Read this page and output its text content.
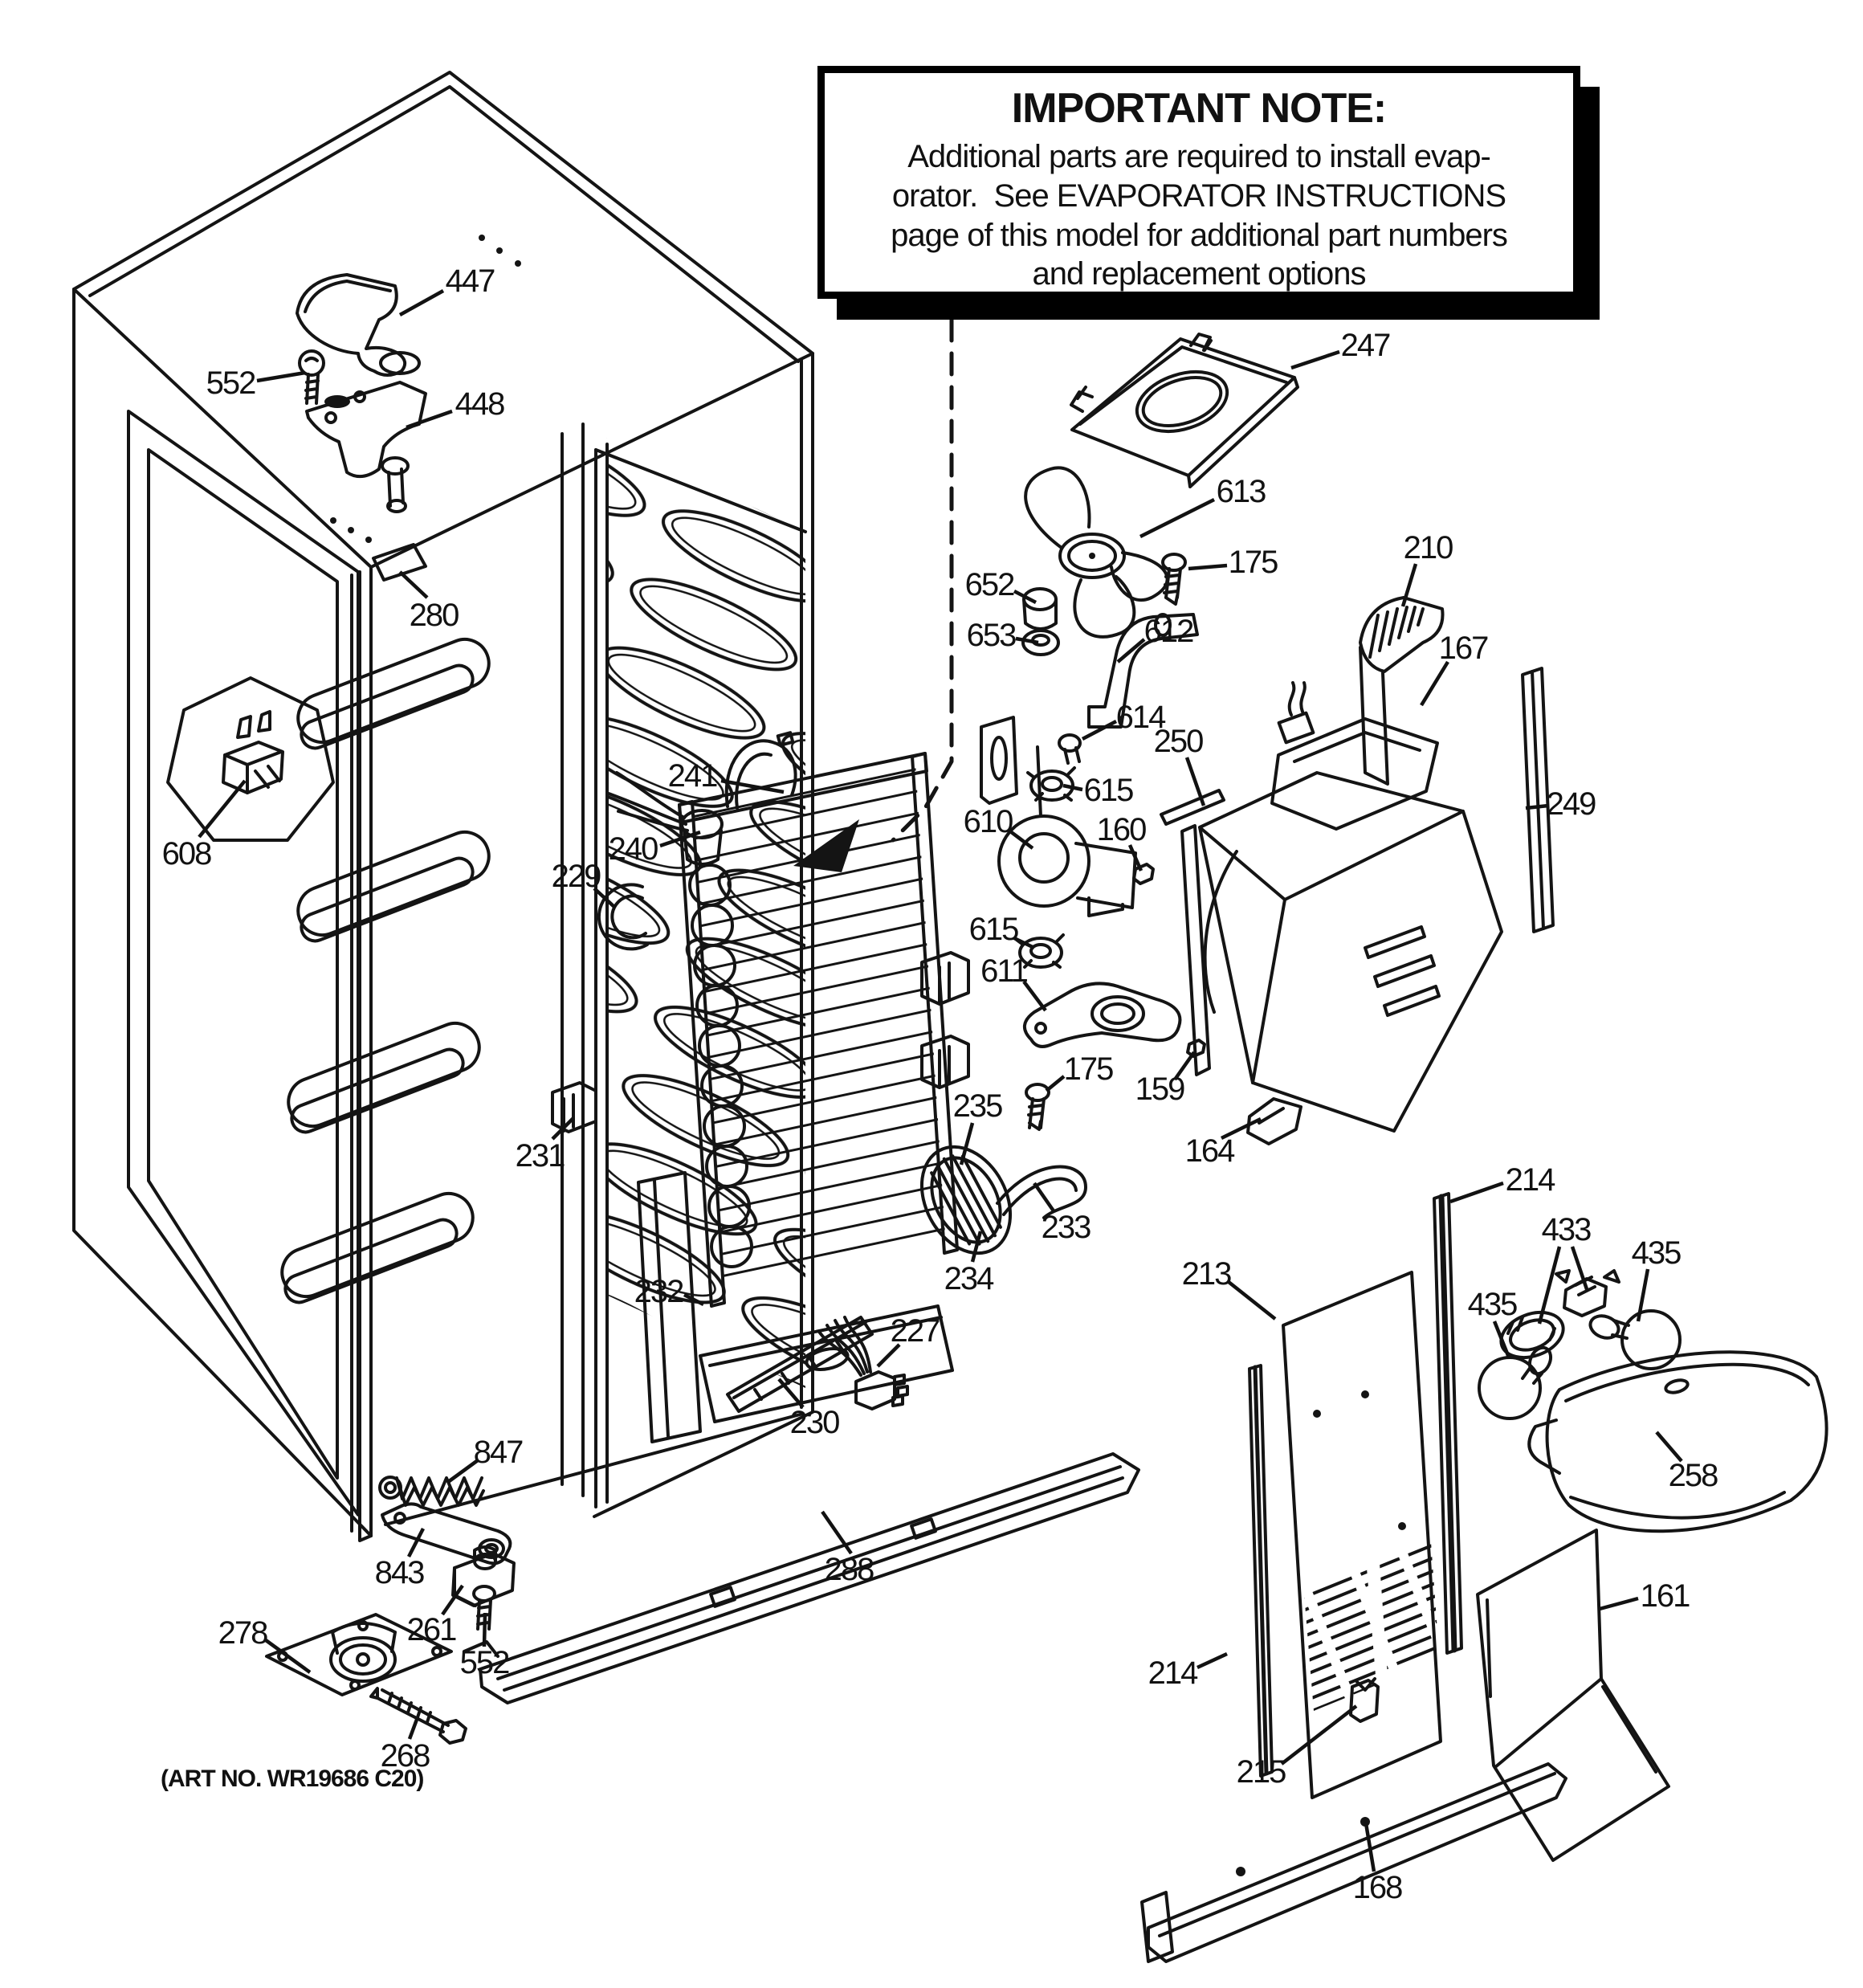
447
552
448
280
608
241
240
229
231
232
235
234
233
227
230
288
847
843
261
552
278
268
247
613
175
652
653	612
614
615
610
615
611
175
210
250
167
249
160
159
164
214
213
433
435
435
258
161
214
215
168
IMPORTANT NOTE:

Additional parts are required to install evap-

orator.  See EVAPORATOR INSTRUCTIONS

page of this model for additional part numbers

and replacement options

(ART NO. WR19686 C20)
